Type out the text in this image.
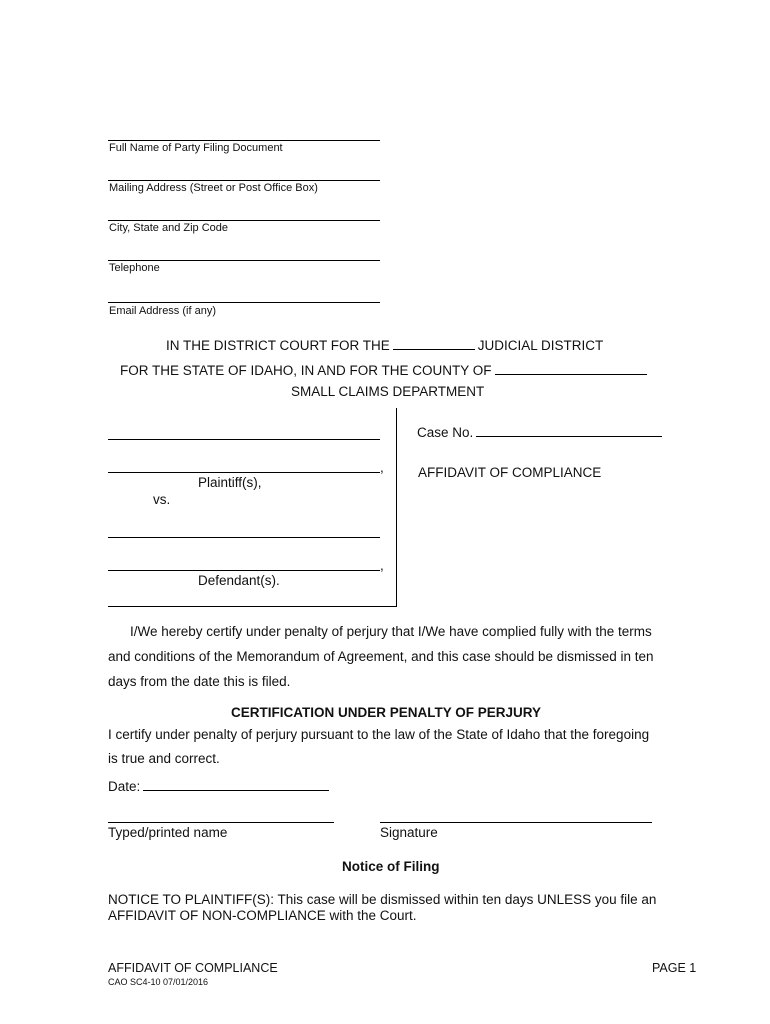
Full Name of Party Filing Document
Mailing Address (Street or Post Office Box)
City, State and Zip Code
Telephone
Email Address (if any)
IN THE DISTRICT COURT FOR THE	JUDICIAL DISTRICT
FOR THE STATE OF IDAHO, IN AND FOR THE COUNTY OF
SMALL CLAIMS DEPARTMENT
,
Plaintiff(s),
vs.
,
Defendant(s).
Case No.
AFFIDAVIT OF COMPLIANCE
I/We hereby certify under penalty of perjury that I/We have complied fully with the terms
and conditions of the Memorandum of Agreement, and this case should be dismissed in ten
days from the date this is filed.
CERTIFICATION UNDER PENALTY OF PERJURY
I certify under penalty of perjury pursuant to the law of the State of Idaho that the foregoing
is true and correct.
Date:
Typed/printed name	Signature
Notice of Filing
NOTICE TO PLAINTIFF(S): This case will be dismissed within ten days UNLESS you file an
AFFIDAVIT OF NON-COMPLIANCE with the Court.
AFFIDAVIT OF COMPLIANCE
CAO SC4-10 07/01/2016
PAGE 1
